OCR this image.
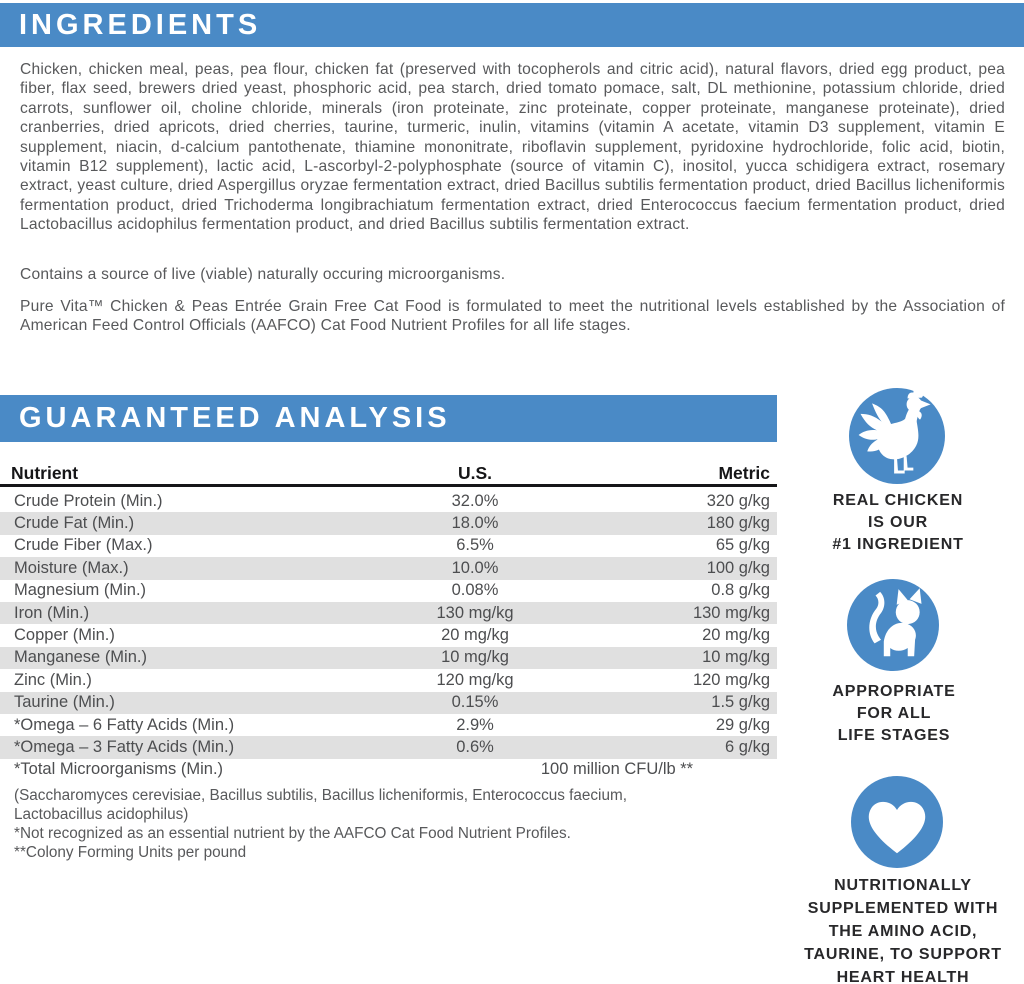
INGREDIENTS

Chicken, chicken meal, peas, pea flour, chicken fat (preserved with tocopherols and citric acid), natural flavors, dried egg product, pea fiber, flax seed, brewers dried yeast, phosphoric acid, pea starch, dried tomato pomace, salt, DL methionine, potassium chloride, dried carrots, sunflower oil, choline chloride, minerals (iron proteinate, zinc proteinate, copper proteinate, manganese proteinate), dried cranberries, dried apricots, dried cherries, taurine, turmeric, inulin, vitamins (vitamin A acetate, vitamin D3 supplement, vitamin E supplement, niacin, d-calcium pantothenate, thiamine mononitrate, riboflavin supplement, pyridoxine hydrochloride, folic acid, biotin, vitamin B12 supplement), lactic acid, L-ascorbyl-2-polyphosphate (source of vitamin C), inositol, yucca schidigera extract, rosemary extract, yeast culture, dried Aspergillus oryzae fermentation extract, dried Bacillus subtilis fermentation product, dried Bacillus licheniformis fermentation product, dried Trichoderma longibrachiatum fermentation extract, dried Enterococcus faecium fermentation product, dried Lactobacillus acidophilus fermentation product, and dried Bacillus subtilis fermentation extract.

Contains a source of live (viable) naturally occuring microorganisms.

Pure Vita™ Chicken & Peas Entrée Grain Free Cat Food is formulated to meet the nutritional levels established by the Association of American Feed Control Officials (AAFCO) Cat Food Nutrient Profiles for all life stages.

GUARANTEED ANALYSIS
Nutrient	U.S.	Metric
Crude Protein (Min.)	32.0%	320 g/kg
Crude Fat (Min.)	18.0%	180 g/kg
Crude Fiber (Max.)	6.5%	65 g/kg
Moisture (Max.)	10.0%	100 g/kg
Magnesium (Min.)	0.08%	0.8 g/kg
Iron (Min.)	130 mg/kg	130 mg/kg
Copper (Min.)	20 mg/kg	20 mg/kg
Manganese (Min.)	10 mg/kg	10 mg/kg
Zinc (Min.)	120 mg/kg	120 mg/kg
Taurine (Min.)	0.15%	1.5 g/kg
*Omega – 6 Fatty Acids (Min.)	2.9%	29 g/kg
*Omega – 3 Fatty Acids (Min.)	0.6%	6 g/kg
*Total Microorganisms (Min.)	100 million CFU/lb **
(Saccharomyces cerevisiae, Bacillus subtilis, Bacillus licheniformis, Enterococcus faecium,
Lactobacillus acidophilus)
*Not recognized as an essential nutrient by the AAFCO Cat Food Nutrient Profiles.
**Colony Forming Units per pound
REAL CHICKEN
IS OUR
#1 INGREDIENT
APPROPRIATE
FOR ALL
LIFE STAGES
NUTRITIONALLY
SUPPLEMENTED WITH
THE AMINO ACID,
TAURINE, TO SUPPORT
HEART HEALTH
